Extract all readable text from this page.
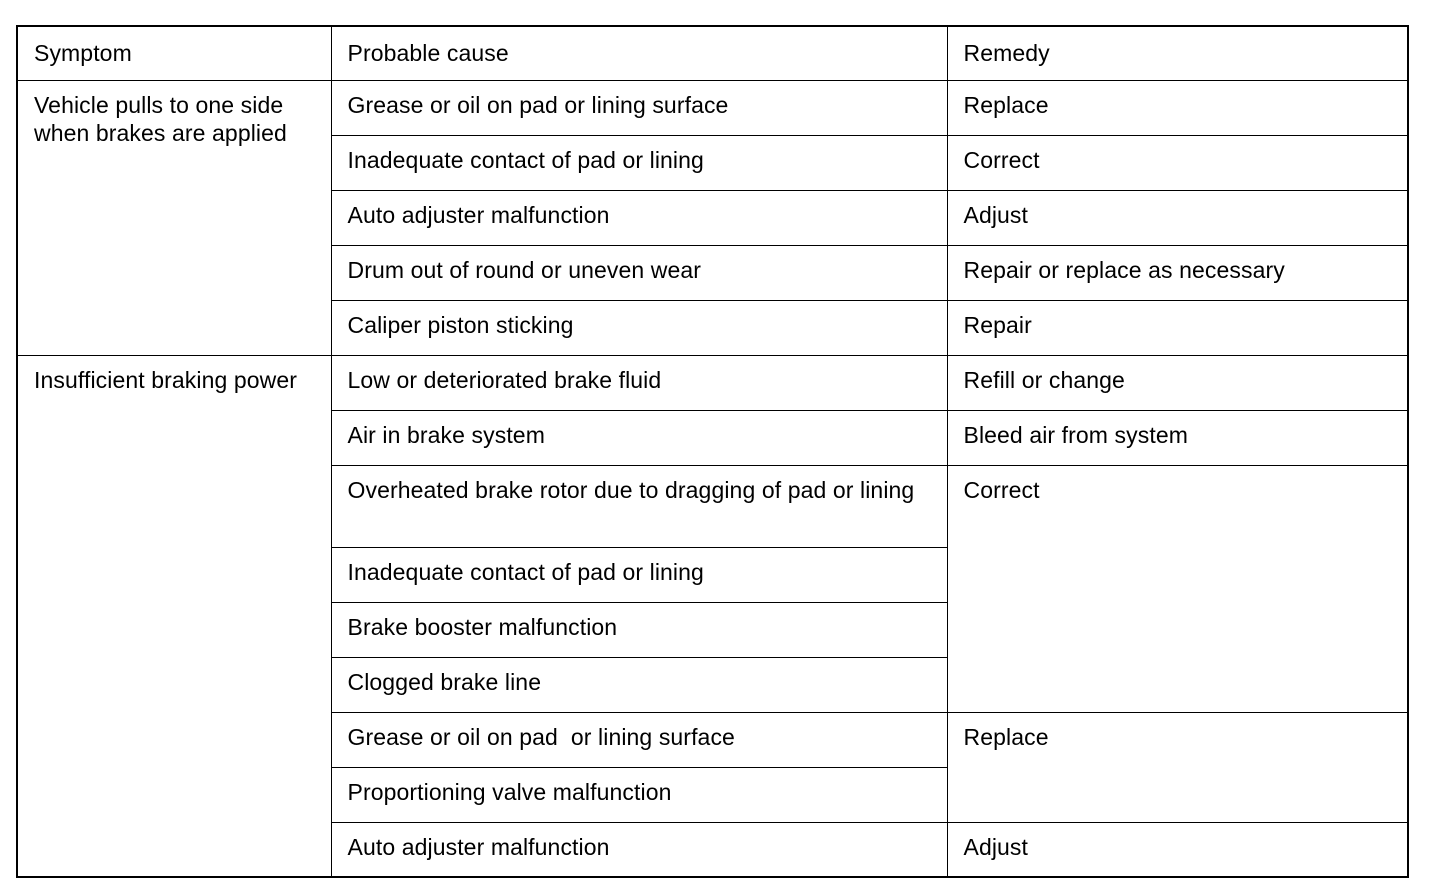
Symptom	Probable cause	Remedy
Vehicle pulls to one side when brakes are applied	Grease or oil on pad or lining surface	Replace
	Inadequate contact of pad or lining	Correct
	Auto adjuster malfunction	Adjust
	Drum out of round or uneven wear	Repair or replace as necessary
	Caliper piston sticking	Repair
Insufficient braking power	Low or deteriorated brake fluid	Refill or change
	Air in brake system	Bleed air from system
	Overheated brake rotor due to dragging of pad or lining	Correct
	Inadequate contact of pad or lining	
	Brake booster malfunction	
	Clogged brake line	
	Grease or oil on pad  or lining surface	Replace
	Proportioning valve malfunction	
	Auto adjuster malfunction	Adjust
